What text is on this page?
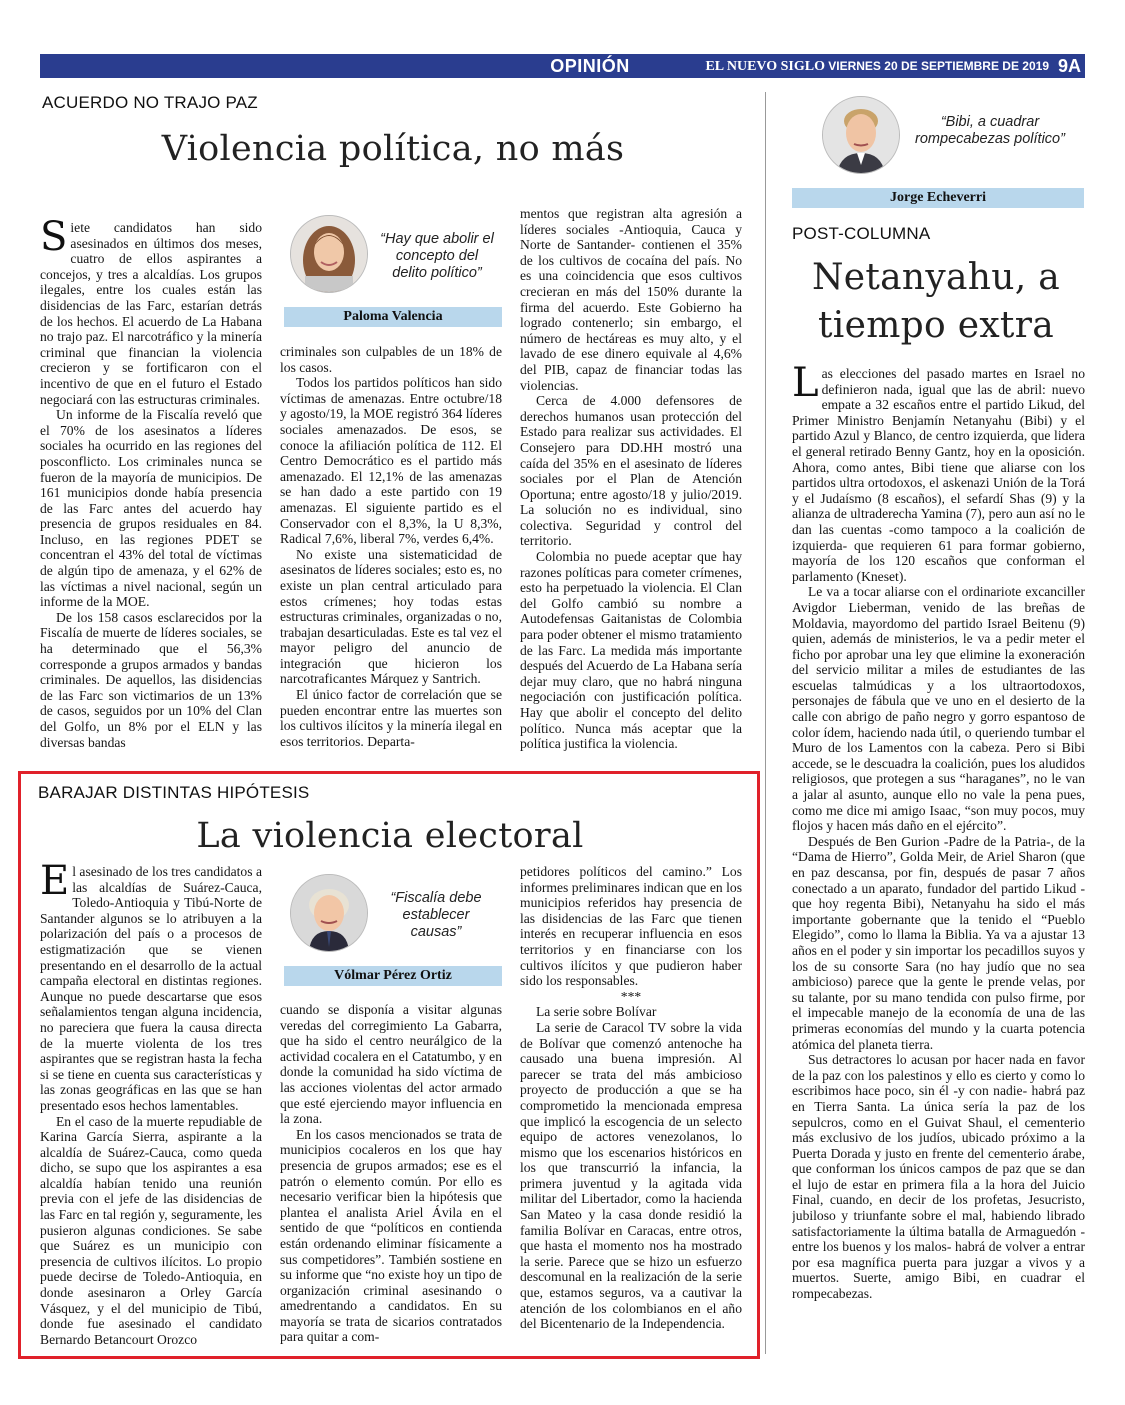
OPINIÓN	EL NUEVO SIGLO VIERNES 20 DE SEPTIEMBRE DE 2019 9A
ACUERDO NO TRAJO PAZ
Violencia política, no más

Siete candidatos han sido asesinados en últimos dos meses, cuatro de ellos aspirantes a concejos, y tres a alcaldías. Los grupos ilegales, entre los cuales están las disidencias de las Farc, estarían detrás de los hechos. El acuerdo de La Habana no trajo paz. El narcotráfico y la minería criminal que financian la violencia crecieron y se fortificaron con el incentivo de que en el futuro el Estado negociará con las estructuras criminales.

Un informe de la Fiscalía reveló que el 70% de los asesinatos a líderes sociales ha ocurrido en las regiones del posconflicto. Los criminales nunca se fueron de la mayoría de municipios. De 161 municipios donde había presencia de las Farc antes del acuerdo hay presencia de grupos residuales en 84. Incluso, en las regiones PDET se concentran el 43% del total de víctimas de algún tipo de amenaza, y el 62% de las víctimas a nivel nacional, según un informe de la MOE.

De los 158 casos esclarecidos por la Fiscalía de muerte de líderes sociales, se ha determinado que el 56,3% corresponde a grupos armados y bandas criminales. De aquellos, las disidencias de las Farc son victimarios de un 13% de casos, seguidos por un 10% del Clan del Golfo, un 8% por el ELN y las diversas bandas

“Hay que abolir el concepto del delito político”
Paloma Valencia

criminales son culpables de un 18% de los casos.

Todos los partidos políticos han sido víctimas de amenazas. Entre octubre/18 y agosto/19, la MOE registró 364 líderes sociales amenazados. De esos, se conoce la afiliación política de 112. El Centro Democrático es el partido más amenazado. El 12,1% de las amenazas se han dado a este partido con 19 amenazas. El siguiente partido es el Conservador con el 8,3%, la U 8,3%, Radical 7,6%, liberal 7%, verdes 6,4%.

No existe una sistematicidad de asesinatos de líderes sociales; esto es, no existe un plan central articulado para estos crímenes; hoy todas estas estructuras criminales, organizadas o no, trabajan desarticuladas. Este es tal vez el mayor peligro del anuncio de integración que hicieron los narcotraficantes Márquez y Santrich.

El único factor de correlación que se pueden encontrar entre las muertes son los cultivos ilícitos y la minería ilegal en esos territorios. Departa-

mentos que registran alta agresión a líderes sociales -Antioquia, Cauca y Norte de Santander- contienen el 35% de los cultivos de cocaína del país. No es una coincidencia que esos cultivos crecieran en más del 150% durante la firma del acuerdo. Este Gobierno ha logrado contenerlo; sin embargo, el número de hectáreas es muy alto, y el lavado de ese dinero equivale al 4,6% del PIB, capaz de financiar todas las violencias.

Cerca de 4.000 defensores de derechos humanos usan protección del Estado para realizar sus actividades. El Consejero para DD.HH mostró una caída del 35% en el asesinato de líderes sociales por el Plan de Atención Oportuna; entre agosto/18 y julio/2019. La solución no es individual, sino colectiva. Seguridad y control del territorio.

Colombia no puede aceptar que hay razones políticas para cometer crímenes, esto ha perpetuado la violencia. El Clan del Golfo cambió su nombre a Autodefensas Gaitanistas de Colombia para poder obtener el mismo tratamiento de las Farc. La medida más importante después del Acuerdo de La Habana sería dejar muy claro, que no habrá ninguna negociación con justificación política. Hay que abolir el concepto del delito político. Nunca más aceptar que la política justifica la violencia.

BARAJAR DISTINTAS HIPÓTESIS
La violencia electoral

El asesinado de los tres candidatos a las alcaldías de Suárez-Cauca, Toledo-Antioquia y Tibú-Norte de Santander algunos se lo atribuyen a la polarización del país o a procesos de estigmatización que se vienen presentando en el desarrollo de la actual campaña electoral en distintas regiones. Aunque no puede descartarse que esos señalamientos tengan alguna incidencia, no pareciera que fuera la causa directa de la muerte violenta de los tres aspirantes que se registran hasta la fecha si se tiene en cuenta sus características y las zonas geográficas en las que se han presentado esos hechos lamentables.

En el caso de la muerte repudiable de Karina García Sierra, aspirante a la alcaldía de Suárez-Cauca, como queda dicho, se supo que los aspirantes a esa alcaldía habían tenido una reunión previa con el jefe de las disidencias de las Farc en tal región y, seguramente, les pusieron algunas condiciones. Se sabe que Suárez es un municipio con presencia de cultivos ilícitos. Lo propio puede decirse de Toledo-Antioquia, en donde asesinaron a Orley García Vásquez, y el del municipio de Tibú, donde fue asesinado el candidato Bernardo Betancourt Orozco

“Fiscalía debe establecer causas”
Vólmar Pérez Ortiz

cuando se disponía a visitar algunas veredas del corregimiento La Gabarra, que ha sido el centro neurálgico de la actividad cocalera en el Catatumbo, y en donde la comunidad ha sido víctima de las acciones violentas del actor armado que esté ejerciendo mayor influencia en la zona.

En los casos mencionados se trata de municipios cocaleros en los que hay presencia de grupos armados; ese es el patrón o elemento común. Por ello es necesario verificar bien la hipótesis que plantea el analista Ariel Ávila en el sentido de que “políticos en contienda están ordenando eliminar físicamente a sus competidores”. También sostiene en su informe que “no existe hoy un tipo de organización criminal asesinando o amedrentando a candidatos. En su mayoría se trata de sicarios contratados para quitar a com-

petidores políticos del camino.” Los informes preliminares indican que en los municipios referidos hay presencia de las disidencias de las Farc que tienen interés en recuperar influencia en esos territorios y en financiarse con los cultivos ilícitos y que pudieron haber sido los responsables.

***

La serie sobre Bolívar

La serie de Caracol TV sobre la vida de Bolívar que comenzó antenoche ha causado una buena impresión. Al parecer se trata del más ambicioso proyecto de producción a que se ha comprometido la mencionada empresa que implicó la escogencia de un selecto equipo de actores venezolanos, lo mismo que los escenarios históricos en los que transcurrió la infancia, la primera juventud y la agitada vida militar del Libertador, como la hacienda San Mateo y la casa donde residió la familia Bolívar en Caracas, entre otros, que hasta el momento nos ha mostrado la serie. Parece que se hizo un esfuerzo descomunal en la realización de la serie que, estamos seguros, va a cautivar la atención de los colombianos en el año del Bicentenario de la Independencia.

“Bibi, a cuadrar rompecabezas político”
Jorge Echeverri
POST-COLUMNA
Netanyahu, a
tiempo extra

Las elecciones del pasado martes en Israel no definieron nada, igual que las de abril: nuevo empate a 32 escaños entre el partido Likud, del Primer Ministro Benjamín Netanyahu (Bibi) y el partido Azul y Blanco, de centro izquierda, que lidera el general retirado Benny Gantz, hoy en la oposición. Ahora, como antes, Bibi tiene que aliarse con los partidos ultra ortodoxos, el askenazi Unión de la Torá y el Judaísmo (8 escaños), el sefardí Shas (9) y la alianza de ultraderecha Yamina (7), pero aun así no le dan las cuentas -como tampoco a la coalición de izquierda- que requieren 61 para formar gobierno, mayoría de los 120 escaños que conforman el parlamento (Kneset).

Le va a tocar aliarse con el ordinariote excanciller Avigdor Lieberman, venido de las breñas de Moldavia, mayordomo del partido Israel Beitenu (9) quien, además de ministerios, le va a pedir meter el ficho por aprobar una ley que elimine la exoneración del servicio militar a miles de estudiantes de las escuelas talmúdicas y a los ultraortodoxos, personajes de fábula que ve uno en el desierto de la calle con abrigo de paño negro y gorro espantoso de color ídem, haciendo nada útil, o queriendo tumbar el Muro de los Lamentos con la cabeza. Pero si Bibi accede, se le descuadra la coalición, pues los aludidos religiosos, que protegen a sus “haraganes”, no le van a jalar al asunto, aunque ello no vale la pena pues, como me dice mi amigo Isaac, “son muy pocos, muy flojos y hacen más daño en el ejército”.

Después de Ben Gurion -Padre de la Patria-, de la “Dama de Hierro”, Golda Meir, de Ariel Sharon (que en paz descansa, por fin, después de pasar 7 años conectado a un aparato, fundador del partido Likud -que hoy regenta Bibi), Netanyahu ha sido el más importante gobernante que la tenido el “Pueblo Elegido”, como lo llama la Biblia. Ya va a ajustar 13 años en el poder y sin importar los pecadillos suyos y los de su consorte Sara (no hay judío que no sea ambicioso) parece que la gente le prende velas, por su talante, por su mano tendida con pulso firme, por el impecable manejo de la economía de una de las primeras economías del mundo y la cuarta potencia atómica del planeta tierra.

Sus detractores lo acusan por hacer nada en favor de la paz con los palestinos y ello es cierto y como lo escribimos hace poco, sin él -y con nadie- habrá paz en Tierra Santa. La única sería la paz de los sepulcros, como en el Guivat Shaul, el cementerio más exclusivo de los judíos, ubicado próximo a la Puerta Dorada y justo en frente del cementerio árabe, que conforman los únicos campos de paz que se dan el lujo de estar en primera fila a la hora del Juicio Final, cuando, en decir de los profetas, Jesucristo, jubiloso y triunfante sobre el mal, habiendo librado satisfactoriamente la última batalla de Armaguedón -entre los buenos y los malos- habrá de volver a entrar por esa magnífica puerta para juzgar a vivos y a muertos. Suerte, amigo Bibi, en cuadrar el rompecabezas.
